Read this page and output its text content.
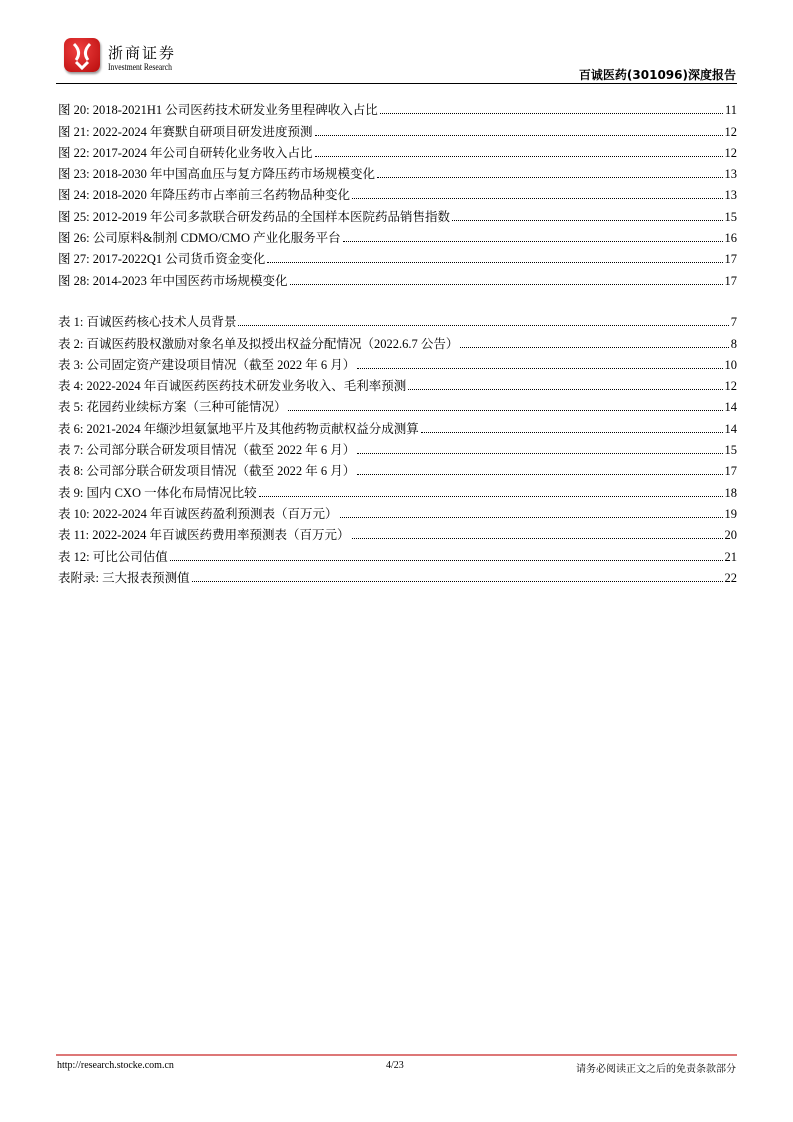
浙商证券
Investment Research
百诚医药(301096)深度报告
图 20: 2018-2021H1 公司医药技术研发业务里程碑收入占比	11
图 21: 2022-2024 年赛默自研项目研发进度预测	12
图 22: 2017-2024 年公司自研转化业务收入占比	12
图 23: 2018-2030 年中国高血压与复方降压药市场规模变化	13
图 24: 2018-2020 年降压药市占率前三名药物品种变化	13
图 25: 2012-2019 年公司多款联合研发药品的全国样本医院药品销售指数	15
图 26: 公司原料&制剂 CDMO/CMO 产业化服务平台	16
图 27: 2017-2022Q1 公司货币资金变化	17
图 28: 2014-2023 年中国医药市场规模变化	17
表 1: 百诚医药核心技术人员背景	7
表 2: 百诚医药股权激励对象名单及拟授出权益分配情况（2022.6.7 公告）	8
表 3: 公司固定资产建设项目情况（截至 2022 年 6 月）	10
表 4: 2022-2024 年百诚医药医药技术研发业务收入、毛利率预测	12
表 5: 花园药业续标方案（三种可能情况）	14
表 6: 2021-2024 年缬沙坦氨氯地平片及其他药物贡献权益分成测算	14
表 7: 公司部分联合研发项目情况（截至 2022 年 6 月）	15
表 8: 公司部分联合研发项目情况（截至 2022 年 6 月）	17
表 9: 国内 CXO 一体化布局情况比较	18
表 10: 2022-2024 年百诚医药盈利预测表（百万元）	19
表 11: 2022-2024 年百诚医药费用率预测表（百万元）	20
表 12: 可比公司估值	21
表附录: 三大报表预测值	22
http://research.stocke.com.cn	4/23	请务必阅读正文之后的免责条款部分
